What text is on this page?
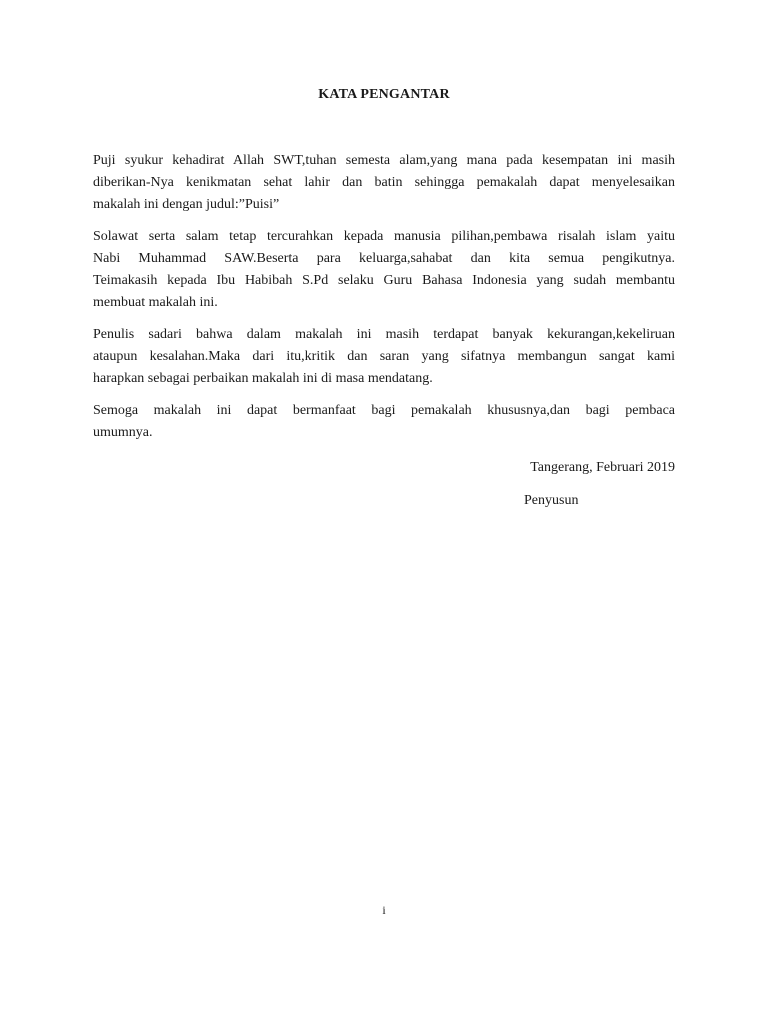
KATA PENGANTAR

Puji syukur kehadirat Allah SWT,tuhan semesta alam,yang mana pada kesempatan ini masih
diberikan-Nya kenikmatan sehat lahir dan batin sehingga pemakalah dapat menyelesaikan
makalah ini dengan judul:”Puisi”

Solawat serta salam tetap tercurahkan kepada manusia pilihan,pembawa risalah islam yaitu
Nabi Muhammad SAW.Beserta para keluarga,sahabat dan kita semua pengikutnya.
Teimakasih kepada Ibu Habibah S.Pd selaku Guru Bahasa Indonesia yang sudah membantu
membuat makalah ini.

Penulis sadari bahwa dalam makalah ini masih terdapat banyak kekurangan,kekeliruan
ataupun kesalahan.Maka dari itu,kritik dan saran yang sifatnya membangun sangat kami
harapkan sebagai perbaikan makalah ini di masa mendatang.

Semoga makalah ini dapat bermanfaat bagi pemakalah khususnya,dan bagi pembaca
umumnya.

Tangerang, Februari 2019
Penyusun
i
